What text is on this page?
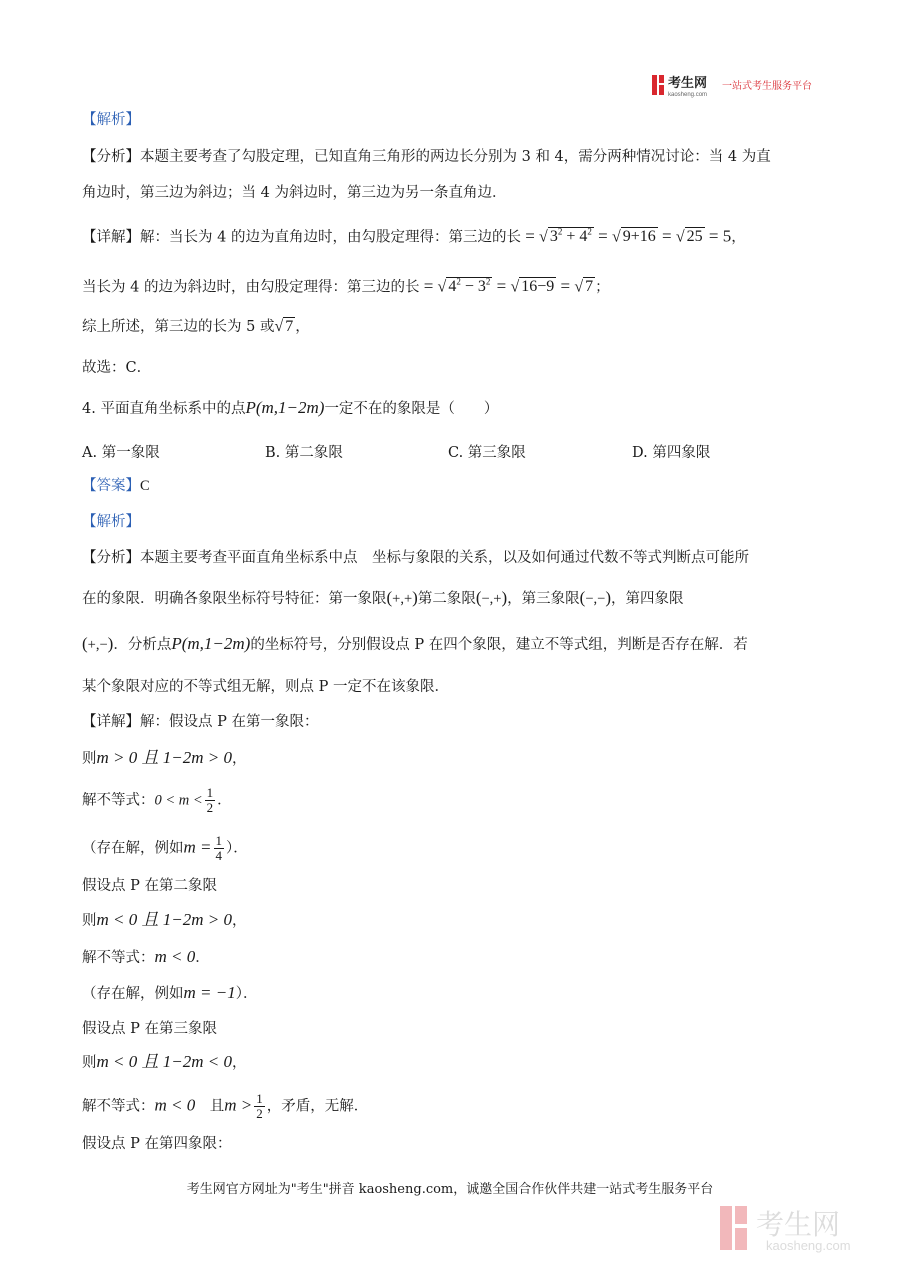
考生网
kaosheng.com
一站式考生服务平台
【解析】
【分析】本题主要考查了勾股定理，已知直角三角形的两边长分别为 3 和 4，需分两种情况讨论：当 4 为直
角边时，第三边为斜边；当 4 为斜边时，第三边为另一条直角边．
【详解】解：当长为 4 的边为直角边时，由勾股定理得：第三边的长 = √ $3^2 + 4^2$ = √ 9+16 = √ 25 = 5，
当长为 4 的边为斜边时，由勾股定理得：第三边的长 = √ $4^2 - 3^2$ = √ 16−9 = √ 7 ；
综上所述，第三边的长为 5 或√ 7 ，
故选：C．
4. 平面直角坐标系中的点P(m,1−2m)一定不在的象限是（　　）
A. 第一象限	B. 第二象限	C. 第三象限	D. 第四象限
【答案】C
【解析】
【分析】本题主要考查平面直角坐标系中点　坐标与象限的关系，以及如何通过代数不等式判断点可能所
在的象限．明确各象限坐标符号特征：第一象限(+,+)第二象限(−,+)，第三象限(−,−)，第四象限
(+,−)．分析点P(m,1−2m)的坐标符号，分别假设点 P 在四个象限，建立不等式组，判断是否存在解．若
某个象限对应的不等式组无解，则点 P 一定不在该象限．
【详解】解：假设点 P 在第一象限：
则m > 0 且 1−2m > 0，
解不等式：$0 < m < \frac{1}{2}$ ．
（存在解，例如$m = \frac{1}{4}$ ）．
假设点 P 在第二象限
则m < 0 且 1−2m > 0，
解不等式：m < 0．
（存在解，例如m = −1）．
假设点 P 在第三象限
则m < 0 且 1−2m < 0，
解不等式：m < 0　 且$m > \frac{1}{2}$ ，矛盾，无解．
假设点 P 在第四象限：
考生网官方网址为"考生"拼音 kaosheng.com，诚邀全国合作伙伴共建一站式考生服务平台
考生网
kaosheng.com
